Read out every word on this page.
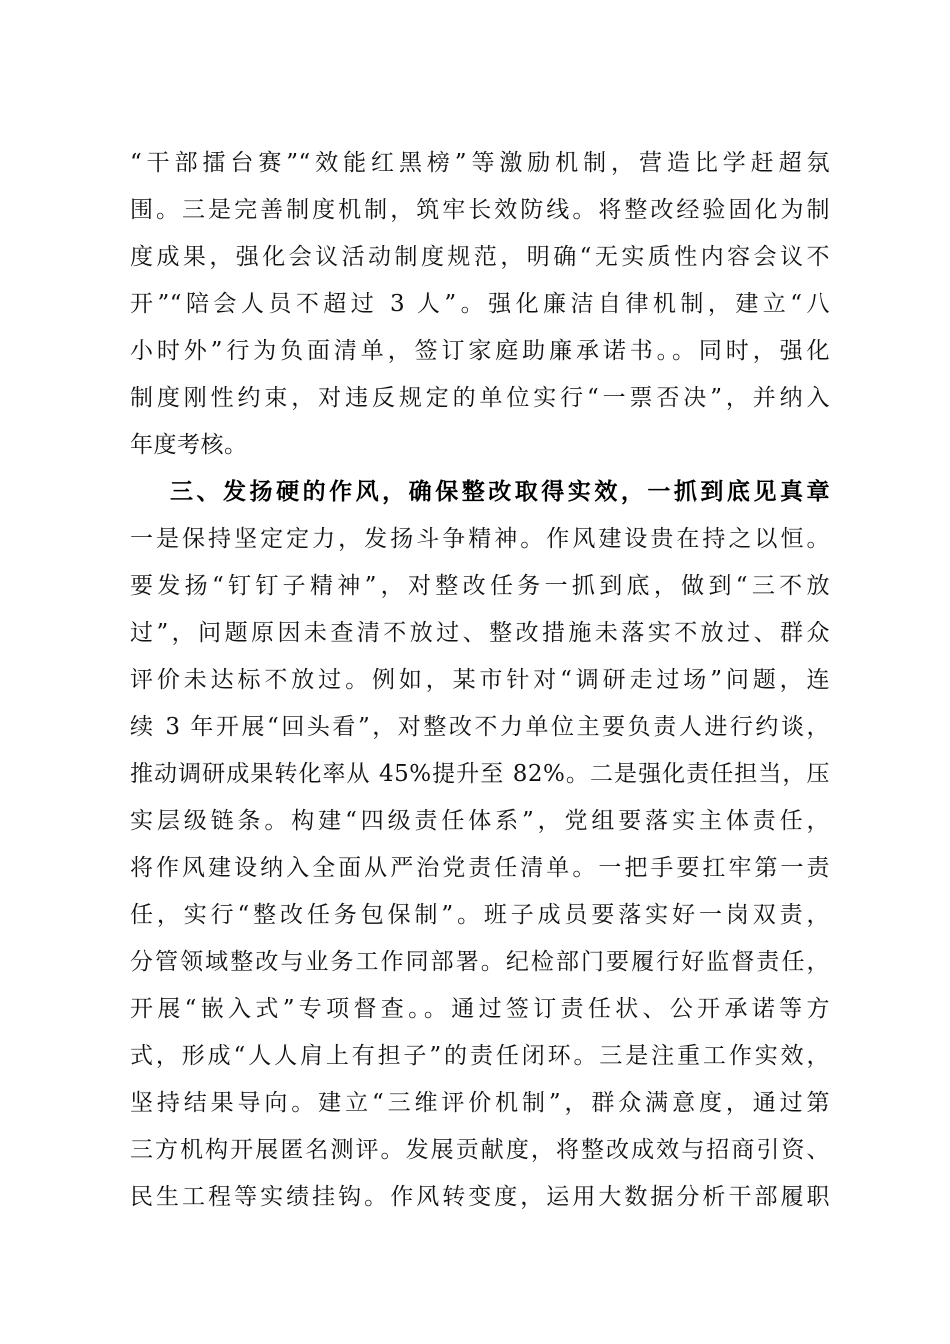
“干部擂台赛”“效能红黑榜”等激励机制，营造比学赶超氛
围。三是完善制度机制，筑牢长效防线。将整改经验固化为制
度成果，强化会议活动制度规范，明确“无实质性内容会议不
开”“陪会人员不超过 3 人”。强化廉洁自律机制，建立“八
小时外”行为负面清单，签订家庭助廉承诺书。。同时，强化
制度刚性约束，对违反规定的单位实行“一票否决”，并纳入
年度考核。
三、发扬硬的作风，确保整改取得实效，一抓到底见真章
一是保持坚定定力，发扬斗争精神。作风建设贵在持之以恒。
要发扬“钉钉子精神”，对整改任务一抓到底，做到“三不放
过”，问题原因未查清不放过、整改措施未落实不放过、群众
评价未达标不放过。例如，某市针对“调研走过场”问题，连
续 3 年开展“回头看”，对整改不力单位主要负责人进行约谈，
推动调研成果转化率从 45%提升至 82%。二是强化责任担当，压
实层级链条。构建“四级责任体系”，党组要落实主体责任，
将作风建设纳入全面从严治党责任清单。一把手要扛牢第一责
任，实行“整改任务包保制”。班子成员要落实好一岗双责，
分管领域整改与业务工作同部署。纪检部门要履行好监督责任，
开展“嵌入式”专项督查。。通过签订责任状、公开承诺等方
式，形成“人人肩上有担子”的责任闭环。三是注重工作实效，
坚持结果导向。建立“三维评价机制”，群众满意度，通过第
三方机构开展匿名测评。发展贡献度，将整改成效与招商引资、
民生工程等实绩挂钩。作风转变度，运用大数据分析干部履职
